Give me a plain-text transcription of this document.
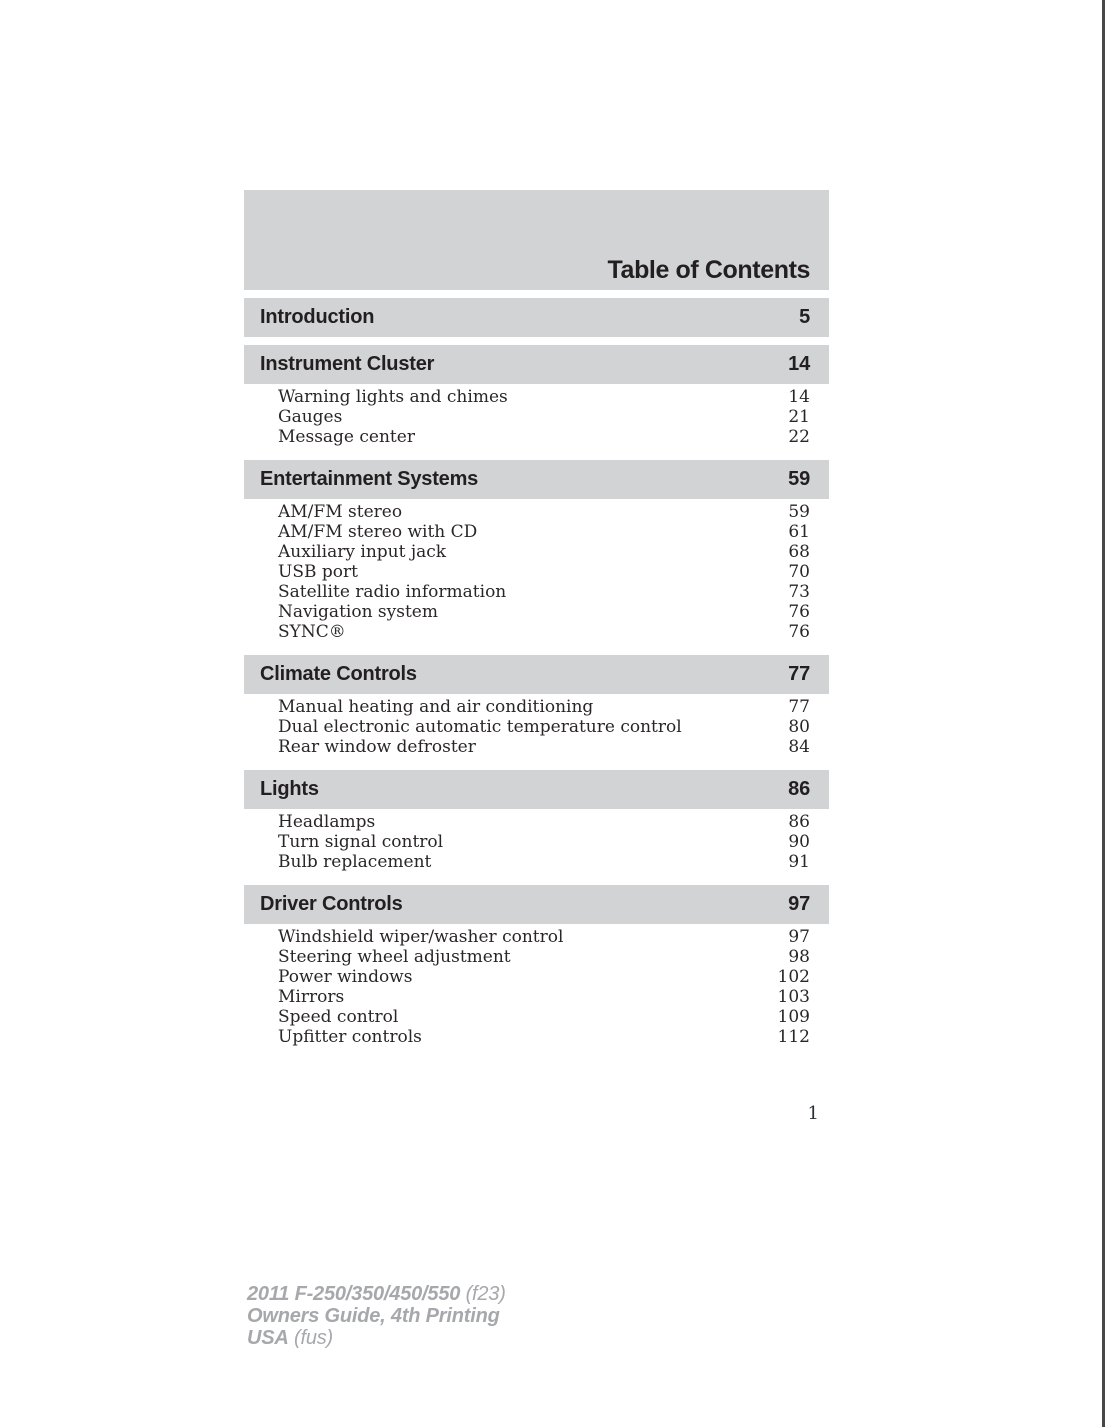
Table of Contents
Introduction	5
Instrument Cluster	14
Warning lights and chimes	14
Gauges	21
Message center	22
Entertainment Systems	59
AM/FM stereo	59
AM/FM stereo with CD	61
Auxiliary input jack	68
USB port	70
Satellite radio information	73
Navigation system	76
SYNC®	76
Climate Controls	77
Manual heating and air conditioning	77
Dual electronic automatic temperature control	80
Rear window defroster	84
Lights	86
Headlamps	86
Turn signal control	90
Bulb replacement	91
Driver Controls	97
Windshield wiper/washer control	97
Steering wheel adjustment	98
Power windows	102
Mirrors	103
Speed control	109
Upfitter controls	112
1
2011 F-250/350/450/550 (f23)
Owners Guide, 4th Printing
USA (fus)
